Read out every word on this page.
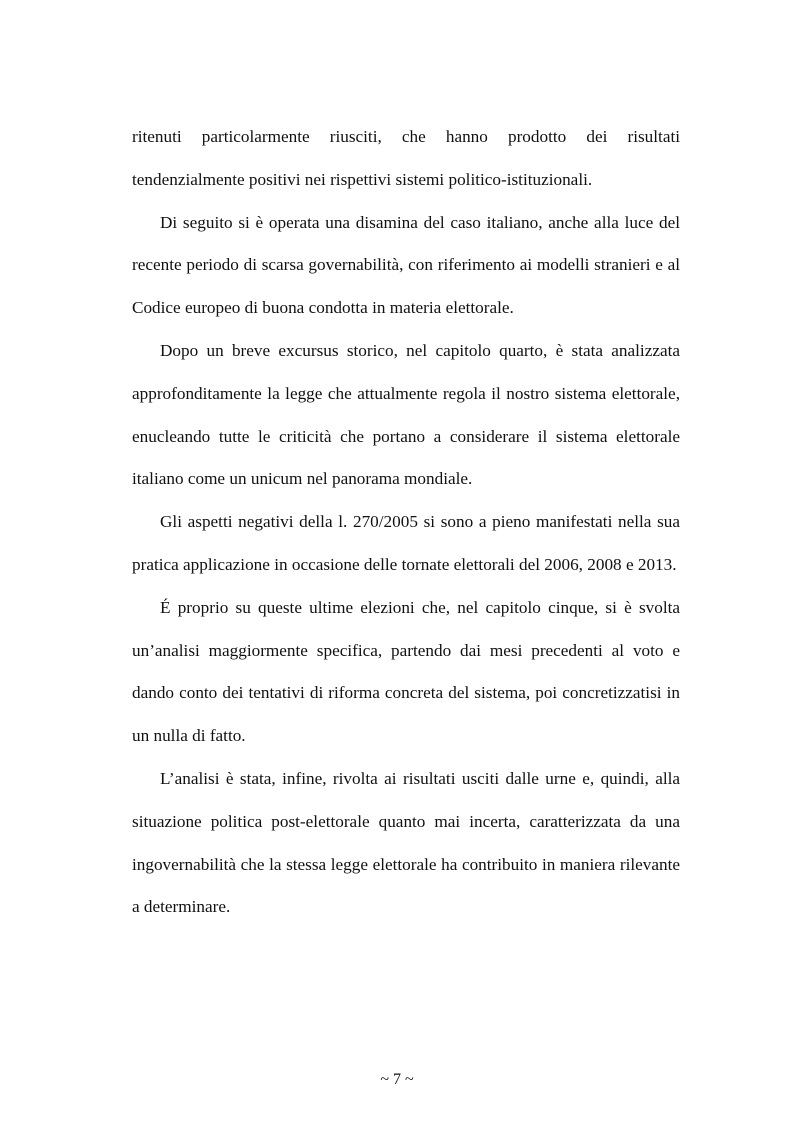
ritenuti particolarmente riusciti, che hanno prodotto dei risultati tendenzialmente positivi nei rispettivi sistemi politico-istituzionali.

Di seguito si è operata una disamina del caso italiano, anche alla luce del recente periodo di scarsa governabilità, con riferimento ai modelli stranieri e al Codice europeo di buona condotta in materia elettorale.

Dopo un breve excursus storico, nel capitolo quarto, è stata analizzata approfonditamente la legge che attualmente regola il nostro sistema elettorale, enucleando tutte le criticità che portano a considerare il sistema elettorale italiano come un unicum nel panorama mondiale.

Gli aspetti negativi della l. 270/2005 si sono a pieno manifestati nella sua pratica applicazione in occasione delle tornate elettorali del 2006, 2008 e 2013.

É proprio su queste ultime elezioni che, nel capitolo cinque, si è svolta un’analisi maggiormente specifica, partendo dai mesi precedenti al voto e dando conto dei tentativi di riforma concreta del sistema, poi concretizzatisi in un nulla di fatto.

L’analisi è stata, infine, rivolta ai risultati usciti dalle urne e, quindi, alla situazione politica post-elettorale quanto mai incerta, caratterizzata da una ingovernabilità che la stessa legge elettorale ha contribuito in maniera rilevante a determinare.

~ 7 ~
